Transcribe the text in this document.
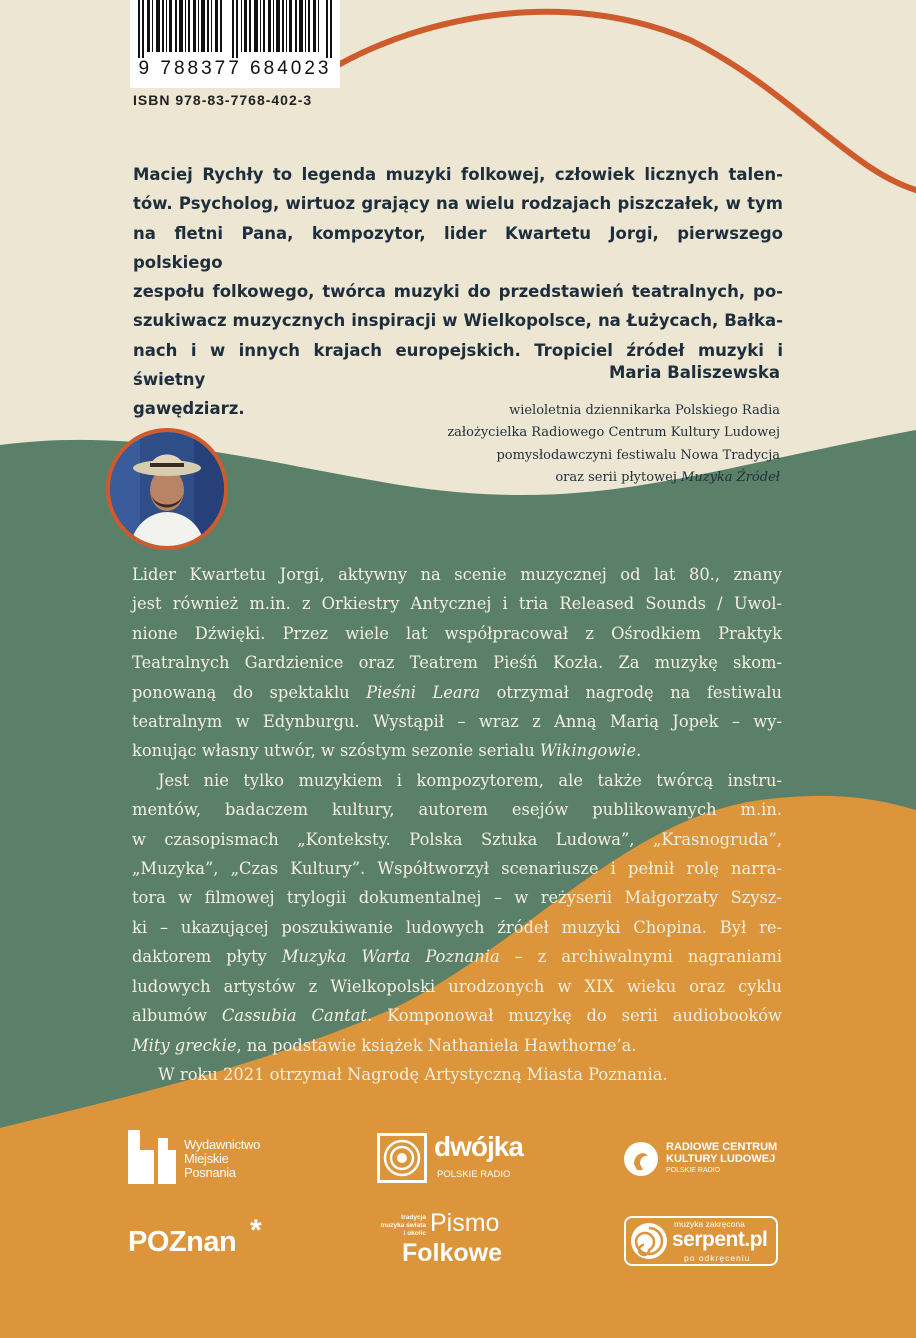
9 788377 684023
ISBN 978-83-7768-402-3
Maciej Rychły to legenda muzyki folkowej, człowiek licznych talen-
tów. Psycholog, wirtuoz grający na wielu rodzajach piszczałek, w tym
na fletni Pana, kompozytor, lider Kwartetu Jorgi, pierwszego polskiego
zespołu folkowego, twórca muzyki do przedstawień teatralnych, po-
szukiwacz muzycznych inspiracji w Wielkopolsce, na Łużycach, Bałka-
nach i w innych krajach europejskich. Tropiciel źródeł muzyki i świetny
gawędziarz.
Maria Baliszewska
wieloletnia dziennikarka Polskiego Radia
założycielka Radiowego Centrum Kultury Ludowej
pomysłodawczyni festiwalu Nowa Tradycja
oraz serii płytowej Muzyka Źródeł
Lider Kwartetu Jorgi, aktywny na scenie muzycznej od lat 80., znany
jest również m.in. z Orkiestry Antycznej i tria Released Sounds / Uwol-
nione Dźwięki. Przez wiele lat współpracował z Ośrodkiem Praktyk
Teatralnych Gardzienice oraz Teatrem Pieśń Kozła. Za muzykę skom-
ponowaną do spektaklu Pieśni Leara otrzymał nagrodę na festiwalu
teatralnym w Edynburgu. Wystąpił – wraz z Anną Marią Jopek – wy-
konując własny utwór, w szóstym sezonie serialu Wikingowie.
Jest nie tylko muzykiem i kompozytorem, ale także twórcą instru-
mentów, badaczem kultury, autorem esejów publikowanych m.in.
w czasopismach „Konteksty. Polska Sztuka Ludowa”, „Krasnogruda”,
„Muzyka”, „Czas Kultury”. Współtworzył scenariusze i pełnił rolę narra-
tora w filmowej trylogii dokumentalnej – w reżyserii Małgorzaty Szysz-
ki – ukazującej poszukiwanie ludowych źródeł muzyki Chopina. Był re-
daktorem płyty Muzyka Warta Poznania – z archiwalnymi nagraniami
ludowych artystów z Wielkopolski urodzonych w XIX wieku oraz cyklu
albumów Cassubia Cantat. Komponował muzykę do serii audiobooków
Mity greckie, na podstawie książek Nathaniela Hawthorne’a.
W roku 2021 otrzymał Nagrodę Artystyczną Miasta Poznania.
Wydawnictwo
Miejskie
Posnania
dwójka
POLSKIE RADIO
RADIOWE CENTRUM
KULTURY LUDOWEJ
POLSKIE RADIO
POZnan *	tradycja
muzyka świata
i okolic Pismo
Folkowe
muzyka zakręcona
serpent.pl
po odkręceniu
